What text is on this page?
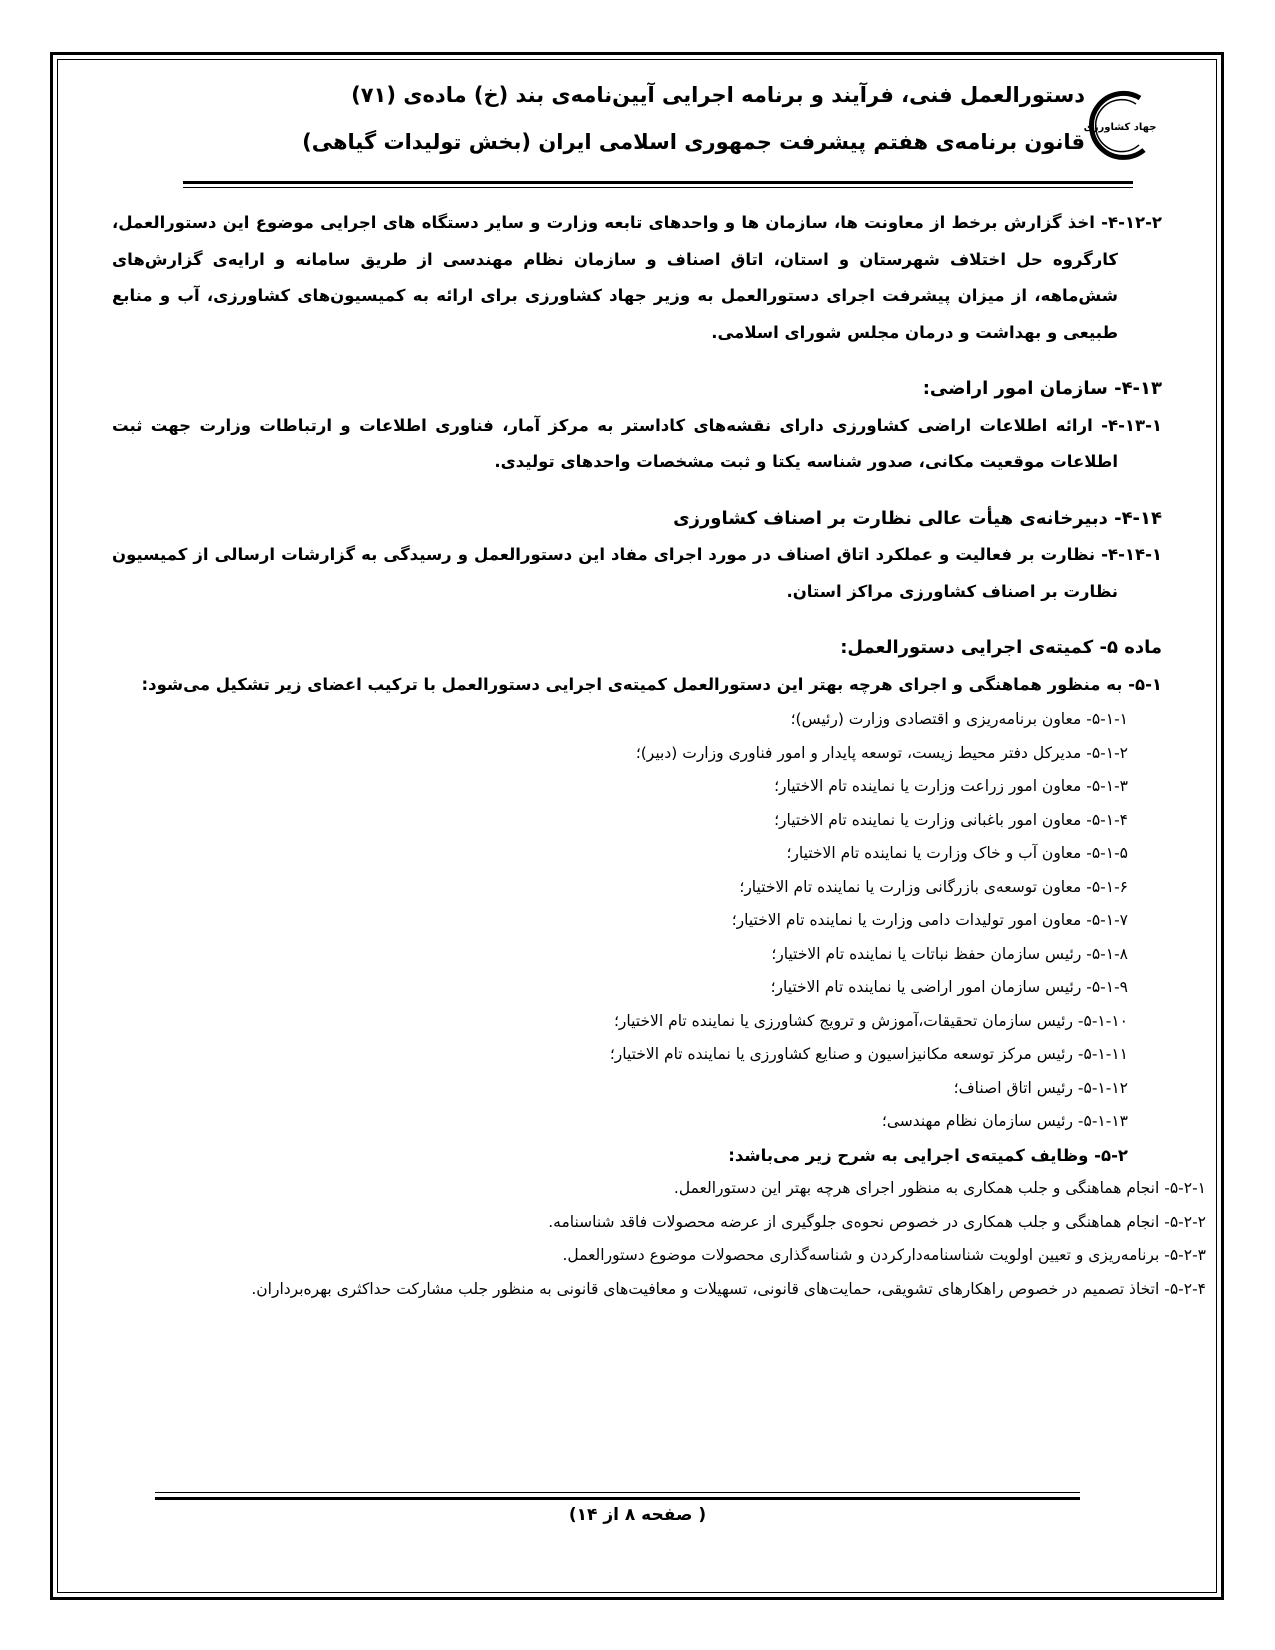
جهاد کشاورزی
دستورالعمل فنی، فرآیند و برنامه اجرایی آیین‌نامه‌ی بند (خ) ماده‌ی (۷۱)
قانون برنامه‌ی هفتم پیشرفت جمهوری اسلامی ایران (بخش تولیدات گیاهی)

۴-۱۲-۲- اخذ گزارش برخط از معاونت ها، سازمان ها و واحدهای تابعه وزارت و سایر دستگاه های اجرایی موضوع این دستورالعمل، کارگروه حل اختلاف شهرستان و استان، اتاق اصناف و سازمان نظام مهندسی از طریق سامانه و ارایه‌ی گزارش‌های شش‌ماهه، از میزان پیشرفت اجرای دستورالعمل به وزیر جهاد کشاورزی برای ارائه به کمیسیون‌های کشاورزی، آب و منابع طبیعی و بهداشت و درمان مجلس شورای اسلامی.

۴-۱۳- سازمان امور اراضی:

۴-۱۳-۱- ارائه اطلاعات اراضی کشاورزی دارای نقشه‌های کاداستر به مرکز آمار، فناوری اطلاعات و ارتباطات وزارت جهت ثبت اطلاعات موقعیت مکانی، صدور شناسه یکتا و ثبت مشخصات واحدهای تولیدی.

۴-۱۴- دبیرخانه‌ی هیأت عالی نظارت بر اصناف کشاورزی

۴-۱۴-۱- نظارت بر فعالیت و عملکرد اتاق اصناف در مورد اجرای مفاد این دستورالعمل و رسیدگی به گزارشات ارسالی از کمیسیون نظارت بر اصناف کشاورزی مراکز استان.

ماده ۵- کمیته‌ی اجرایی دستورالعمل:

۵-۱- به منظور هماهنگی و اجرای هرچه بهتر این دستورالعمل کمیته‌ی اجرایی دستورالعمل با ترکیب اعضای زیر تشکیل می‌شود:

۵-۱-۱- معاون برنامه‌ریزی و اقتصادی وزارت (رئیس)؛

۵-۱-۲- مدیرکل دفتر محیط زیست، توسعه پایدار و امور فناوری وزارت (دبیر)؛

۵-۱-۳- معاون امور زراعت وزارت یا نماینده تام الاختیار؛

۵-۱-۴- معاون امور باغبانی وزارت یا نماینده تام الاختیار؛

۵-۱-۵- معاون آب و خاک وزارت یا نماینده تام الاختیار؛

۵-۱-۶- معاون توسعه‌ی بازرگانی وزارت یا نماینده تام الاختیار؛

۵-۱-۷- معاون امور تولیدات دامی وزارت یا نماینده تام الاختیار؛

۵-۱-۸- رئیس سازمان حفظ نباتات یا نماینده تام الاختیار؛

۵-۱-۹- رئیس سازمان امور اراضی یا نماینده تام الاختیار؛

۵-۱-۱۰- رئیس سازمان تحقیقات،آموزش و ترویج کشاورزی یا نماینده تام الاختیار؛

۵-۱-۱۱- رئیس مرکز توسعه مکانیزاسیون و صنایع کشاورزی یا نماینده تام الاختیار؛

۵-۱-۱۲- رئیس اتاق اصناف؛

۵-۱-۱۳- رئیس سازمان نظام مهندسی؛

۵-۲- وظایف کمیته‌ی اجرایی به شرح زیر می‌باشد:

۵-۲-۱- انجام هماهنگی و جلب همکاری به منظور اجرای هرچه بهتر این دستورالعمل.

۵-۲-۲- انجام هماهنگی و جلب همکاری در خصوص نحوه‌ی جلوگیری از عرضه محصولات فاقد شناسنامه.

۵-۲-۳- برنامه‌ریزی و تعیین اولویت شناسنامه‌دارکردن و شناسه‌گذاری محصولات موضوع دستورالعمل.

۵-۲-۴- اتخاذ تصمیم در خصوص راهکارهای تشویقی، حمایت‌های قانونی، تسهیلات و معافیت‌های قانونی به منظور جلب مشارکت حداکثری بهره‌برداران.

( صفحه ۸ از ۱۴)
